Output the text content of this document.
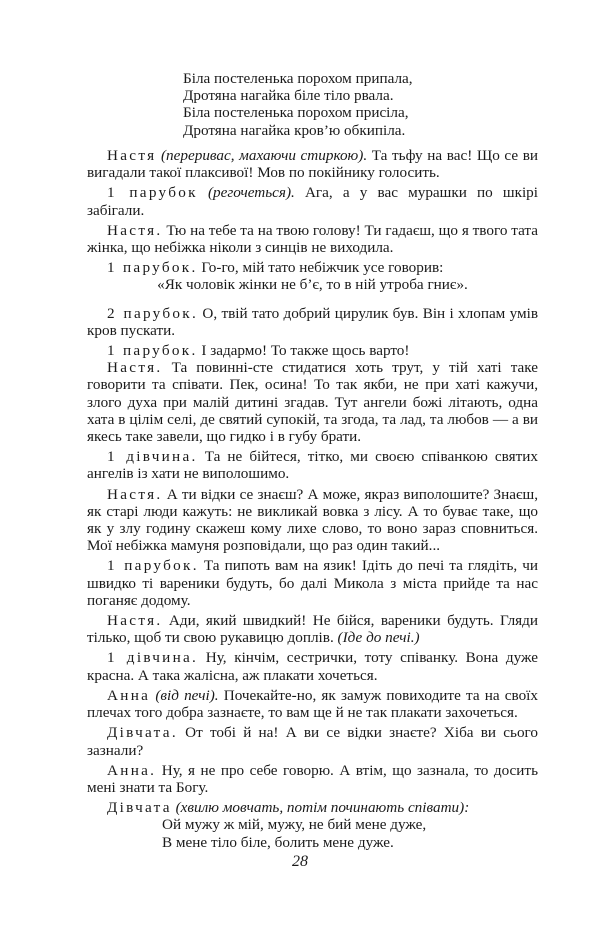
Біла постеленька порохом припала,
Дротяна нагайка біле тіло рвала.
Біла постеленька порохом присіла,
Дротяна нагайка кров’ю обкипіла.

Настя (переривас, махаючи стиркою). Та тьфу на вас! Що се ви вигадали такої плаксивої! Мов по покійнику голосить.

1 парубок (регочеться). Ага, а у вас мурашки по шкірі забігали.

Настя. Тю на тебе та на твою голову! Ти гадаєш, що я твого тата жінка, що небіжка ніколи з синців не виходила.

1 парубок. Го-го, мій тато небіжчик усе говорив:

«Як чоловік жінки не б’є, то в ній утроба гниє».

2 парубок. О, твій тато добрий цирулик був. Він і хлопам умів кров пускати.

1 парубок. І задармо! То также щось варто!

Настя. Та повинні-сте стидатися хоть трут, у тій хаті таке говорити та співати. Пек, осина! То так якби, не при хаті кажучи, злого духа при малій дитині згадав. Тут ангели божі літають, одна хата в цілім селі, де святий супокій, та згода, та лад, та любов — а ви якесь таке завели, що гидко і в губу брати.

1 дівчина. Та не бійтеся, тітко, ми своєю співанкою святих ангелів із хати не виполошимо.

Настя. А ти відки се знаєш? А може, якраз виполошите? Знаєш, як старі люди кажуть: не викликай вовка з лісу. А то буває таке, що як у злу годину скажеш кому лихе слово, то воно зараз сповниться. Мої небіжка мамуня розповідали, що раз один такий...

1 парубок. Та пипоть вам на язик! Ідіть до печі та глядіть, чи швидко ті вареники будуть, бо далі Микола з міста прийде та нас поганяє додому.

Настя. Ади, який швидкий! Не бійся, вареники будуть. Гляди тілько, щоб ти свою рукавицю доплів. (Іде до печі.)

1 дівчина. Ну, кінчім, сестрички, тоту співанку. Вона дуже красна. А така жалісна, аж плакати хочеться.

Анна (від печі). Почекайте-но, як замуж повиходите та на своїх плечах того добра зазнаєте, то вам ще й не так плакати захочеться.

Дівчата. От тобі й на! А ви се відки знаєте? Хіба ви сього зазнали?

Анна. Ну, я не про себе говорю. А втім, що зазнала, то досить мені знати та Богу.

Дівчата (хвилю мовчать, потім починають співати):

Ой мужу ж мій, мужу, не бий мене дуже,
В мене тіло біле, болить мене дуже.
28
